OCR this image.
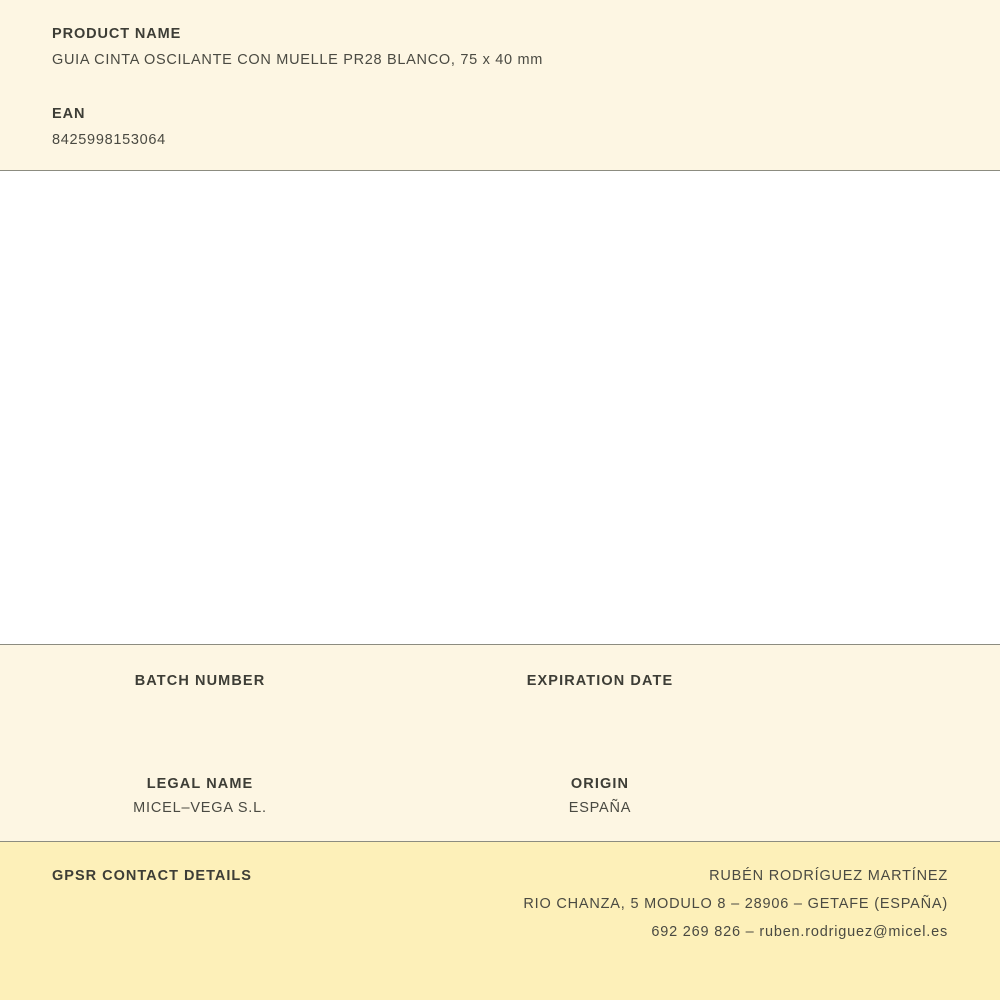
PRODUCT NAME

GUIA CINTA OSCILANTE CON MUELLE PR28 BLANCO, 75 x 40 mm

EAN

8425998153064

BATCH NUMBER	EXPIRATION DATE

LEGAL NAME

MICEL–VEGA S.L.

ORIGIN

ESPAÑA

GPSR CONTACT DETAILS	RUBÉN RODRÍGUEZ MARTÍNEZ

RIO CHANZA, 5 MODULO 8 – 28906 – GETAFE (ESPAÑA)

692 269 826 – ruben.rodriguez@micel.es
